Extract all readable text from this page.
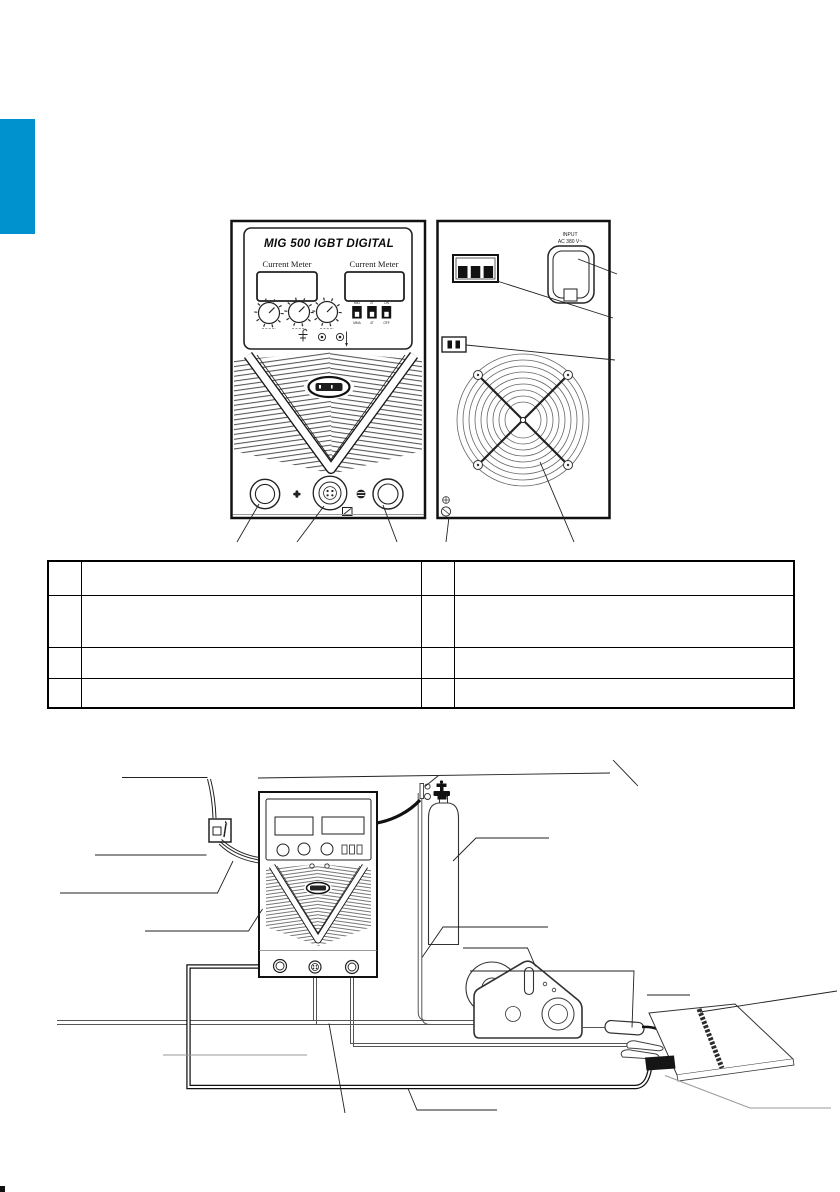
MIG 500 IGBT DIGITAL
Current Meter	Current Meter
MIG
MMA
2T
4T
ON
OFF
INPUT
AC 380 V~
